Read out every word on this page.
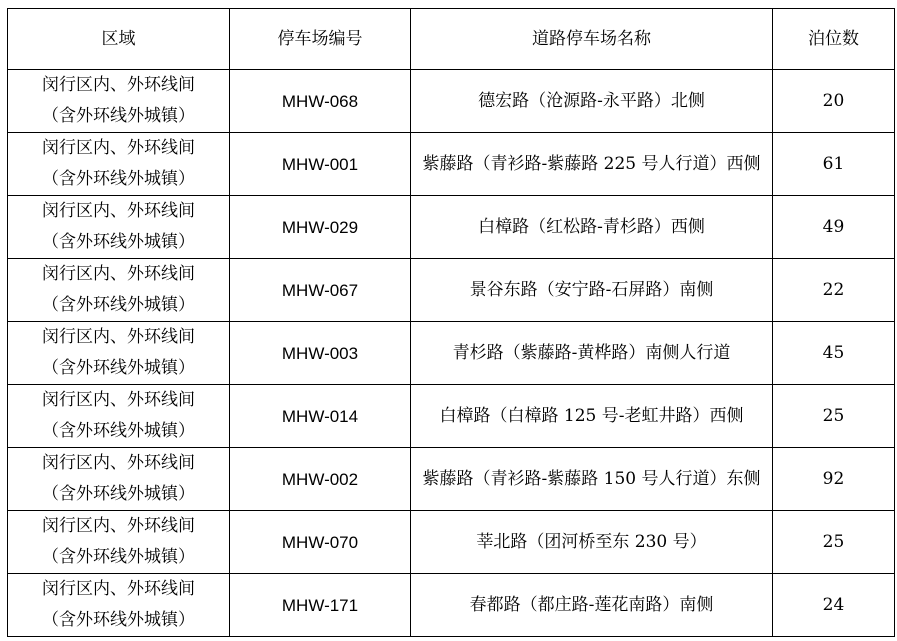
区域	停车场编号	道路停车场名称	泊位数

闵行区内、外环线间
（含外环线外城镇）	MHW-068	德宏路（沧源路-永平路）北侧	20

闵行区内、外环线间
（含外环线外城镇）	MHW-001	紫藤路（青衫路-紫藤路 225 号人行道）西侧	61

闵行区内、外环线间
（含外环线外城镇）	MHW-029	白樟路（红松路-青杉路）西侧	49

闵行区内、外环线间
（含外环线外城镇）	MHW-067	景谷东路（安宁路-石屏路）南侧	22

闵行区内、外环线间
（含外环线外城镇）	MHW-003	青杉路（紫藤路-黄桦路）南侧人行道	45

闵行区内、外环线间
（含外环线外城镇）	MHW-014	白樟路（白樟路 125 号-老虹井路）西侧	25

闵行区内、外环线间
（含外环线外城镇）	MHW-002	紫藤路（青衫路-紫藤路 150 号人行道）东侧	92

闵行区内、外环线间
（含外环线外城镇）	MHW-070	莘北路（团河桥至东 230 号）	25

闵行区内、外环线间
（含外环线外城镇）	MHW-171	春都路（都庄路-莲花南路）南侧	24
